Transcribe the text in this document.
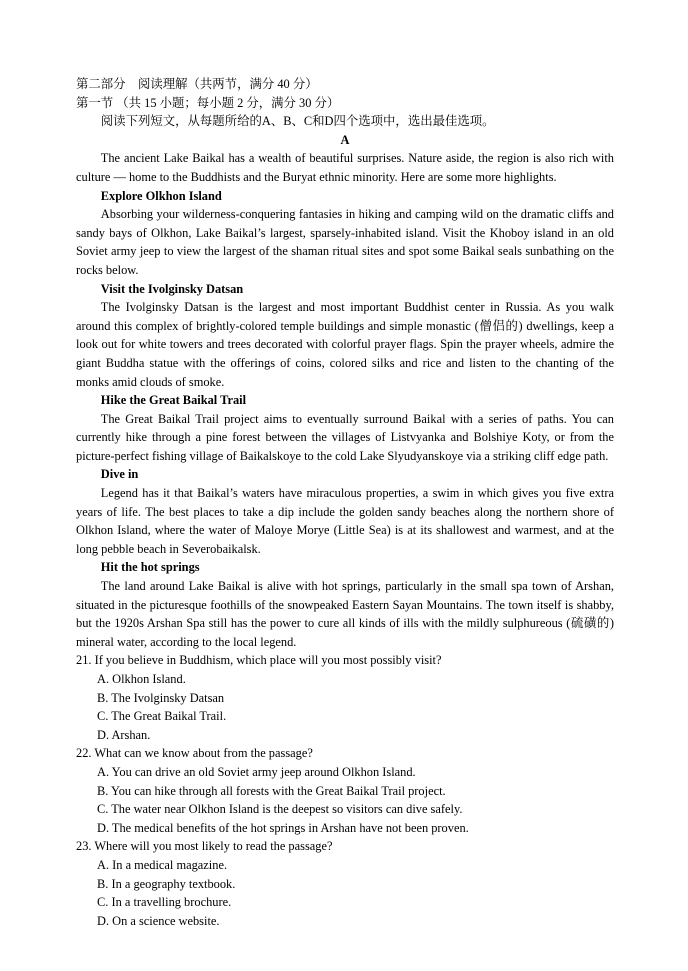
第二部分　阅读理解（共两节，满分 40 分）

第一节 （共 15 小题；每小题 2 分，满分 30 分）

阅读下列短文，从每题所给的A、B、C和D四个选项中，选出最佳选项。

A

The ancient Lake Baikal has a wealth of beautiful surprises. Nature aside, the region is also rich with culture — home to the Buddhists and the Buryat ethnic minority. Here are some more highlights.

Explore Olkhon Island

Absorbing your wilderness-conquering fantasies in hiking and camping wild on the dramatic cliffs and sandy bays of Olkhon, Lake Baikal’s largest, sparsely-inhabited island. Visit the Khoboy island in an old Soviet army jeep to view the largest of the shaman ritual sites and spot some Baikal seals sunbathing on the rocks below.

Visit the Ivolginsky Datsan

The Ivolginsky Datsan is the largest and most important Buddhist center in Russia. As you walk around this complex of brightly-colored temple buildings and simple monastic (僧侣的) dwellings, keep a look out for white towers and trees decorated with colorful prayer flags. Spin the prayer wheels, admire the giant Buddha statue with the offerings of coins, colored silks and rice and listen to the chanting of the monks amid clouds of smoke.

Hike the Great Baikal Trail

The Great Baikal Trail project aims to eventually surround Baikal with a series of paths. You can currently hike through a pine forest between the villages of Listvyanka and Bolshiye Koty, or from the picture-perfect fishing village of Baikalskoye to the cold Lake Slyudyanskoye via a striking cliff edge path.

Dive in

Legend has it that Baikal’s waters have miraculous properties, a swim in which gives you five extra years of life. The best places to take a dip include the golden sandy beaches along the northern shore of Olkhon Island, where the water of Maloye Morye (Little Sea) is at its shallowest and warmest, and at the long pebble beach in Severobaikalsk.

Hit the hot springs

The land around Lake Baikal is alive with hot springs, particularly in the small spa town of Arshan, situated in the picturesque foothills of the snowpeaked Eastern Sayan Mountains. The town itself is shabby, but the 1920s Arshan Spa still has the power to cure all kinds of ills with the mildly sulphureous (硫磺的) mineral water, according to the local legend.

21. If you believe in Buddhism, which place will you most possibly visit?

A. Olkhon Island.
B. The Ivolginsky Datsan
C. The Great Baikal Trail.
D. Arshan.

22. What can we know about from the passage?

A. You can drive an old Soviet army jeep around Olkhon Island.
B. You can hike through all forests with the Great Baikal Trail project.
C. The water near Olkhon Island is the deepest so visitors can dive safely.
D. The medical benefits of the hot springs in Arshan have not been proven.

23. Where will you most likely to read the passage?

A. In a medical magazine.
B. In a geography textbook.
C. In a travelling brochure.
D. On a science website.
